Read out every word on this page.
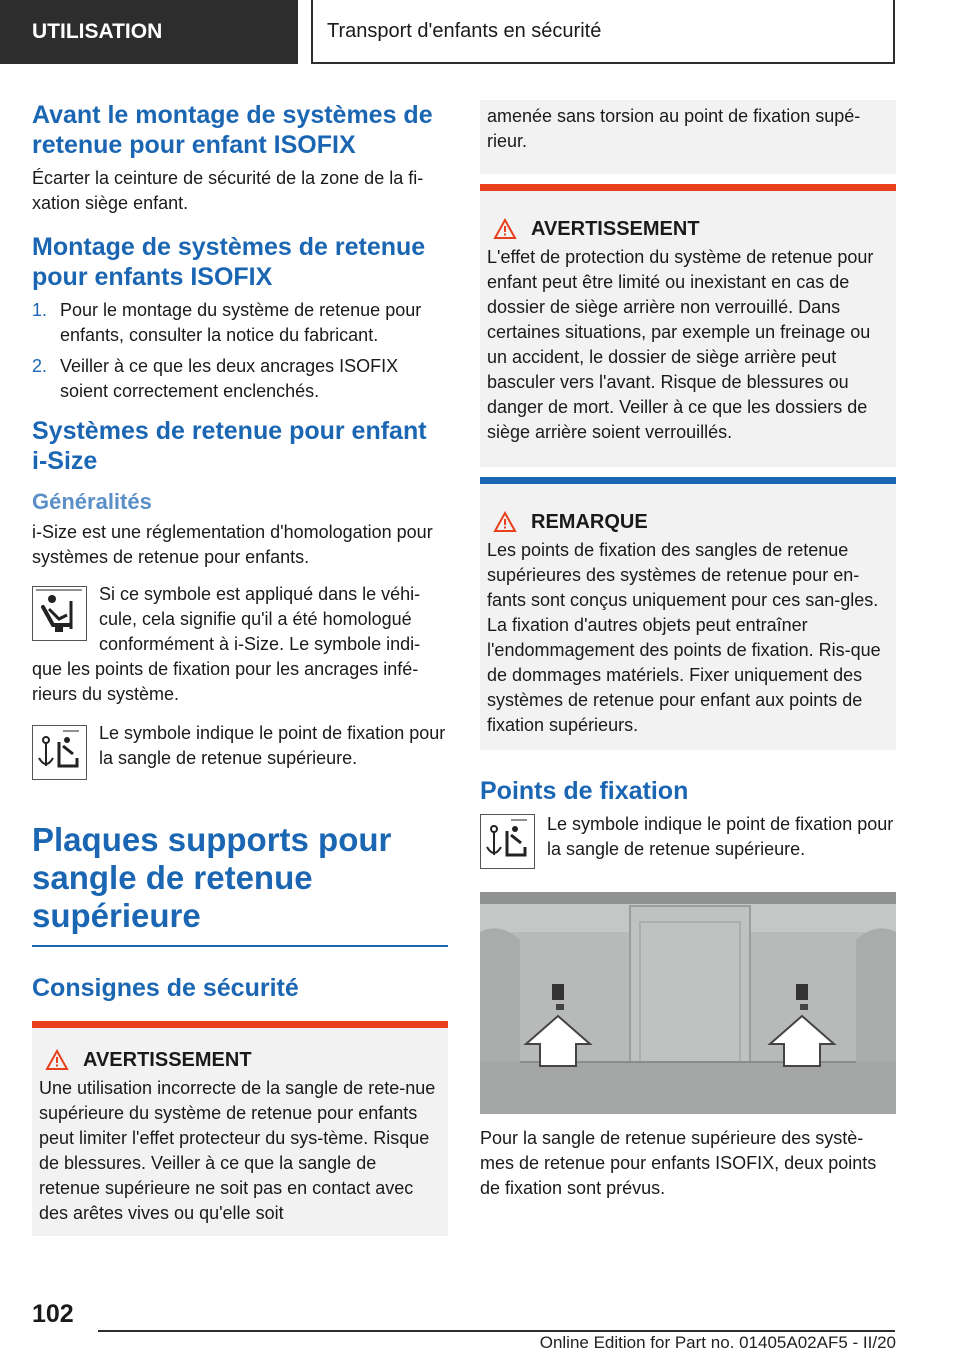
UTILISATION	Transport d'enfants en sécurité
Avant le montage de systèmes de retenue pour enfant ISOFIX

Écarter la ceinture de sécurité de la zone de la fi-xation siège enfant.

Montage de systèmes de retenue pour enfants ISOFIX
1. Pour le montage du système de retenue pour enfants, consulter la notice du fabricant.
2. Veiller à ce que les deux ancrages ISOFIX soient correctement enclenchés.
Systèmes de retenue pour enfant i-Size
Généralités

i-Size est une réglementation d'homologation pour systèmes de retenue pour enfants.

Si ce symbole est appliqué dans le véhi-cule, cela signifie qu'il a été homologué conformément à i-Size. Le symbole indi-que les points de fixation pour les ancrages infé-rieurs du système.

Le symbole indique le point de fixation pour la sangle de retenue supérieure.

Plaques supports pour sangle de retenue supérieure
Consignes de sécurité
AVERTISSEMENT

Une utilisation incorrecte de la sangle de rete-nue supérieure du système de retenue pour enfants peut limiter l'effet protecteur du sys-tème. Risque de blessures. Veiller à ce que la sangle de retenue supérieure ne soit pas en contact avec des arêtes vives ou qu'elle soit

amenée sans torsion au point de fixation supé-rieur.

AVERTISSEMENT

L'effet de protection du système de retenue pour enfant peut être limité ou inexistant en cas de dossier de siège arrière non verrouillé. Dans certaines situations, par exemple un freinage ou un accident, le dossier de siège arrière peut basculer vers l'avant. Risque de blessures ou danger de mort. Veiller à ce que les dossiers de siège arrière soient verrouillés.

REMARQUE

Les points de fixation des sangles de retenue supérieures des systèmes de retenue pour en-fants sont conçus uniquement pour ces san-gles. La fixation d'autres objets peut entraîner l'endommagement des points de fixation. Ris-que de dommages matériels. Fixer uniquement des systèmes de retenue pour enfant aux points de fixation supérieurs.

Points de fixation

Le symbole indique le point de fixation pour la sangle de retenue supérieure.

Pour la sangle de retenue supérieure des systè-mes de retenue pour enfants ISOFIX, deux points de fixation sont prévus.

102
Online Edition for Part no. 01405A02AF5 - II/20
